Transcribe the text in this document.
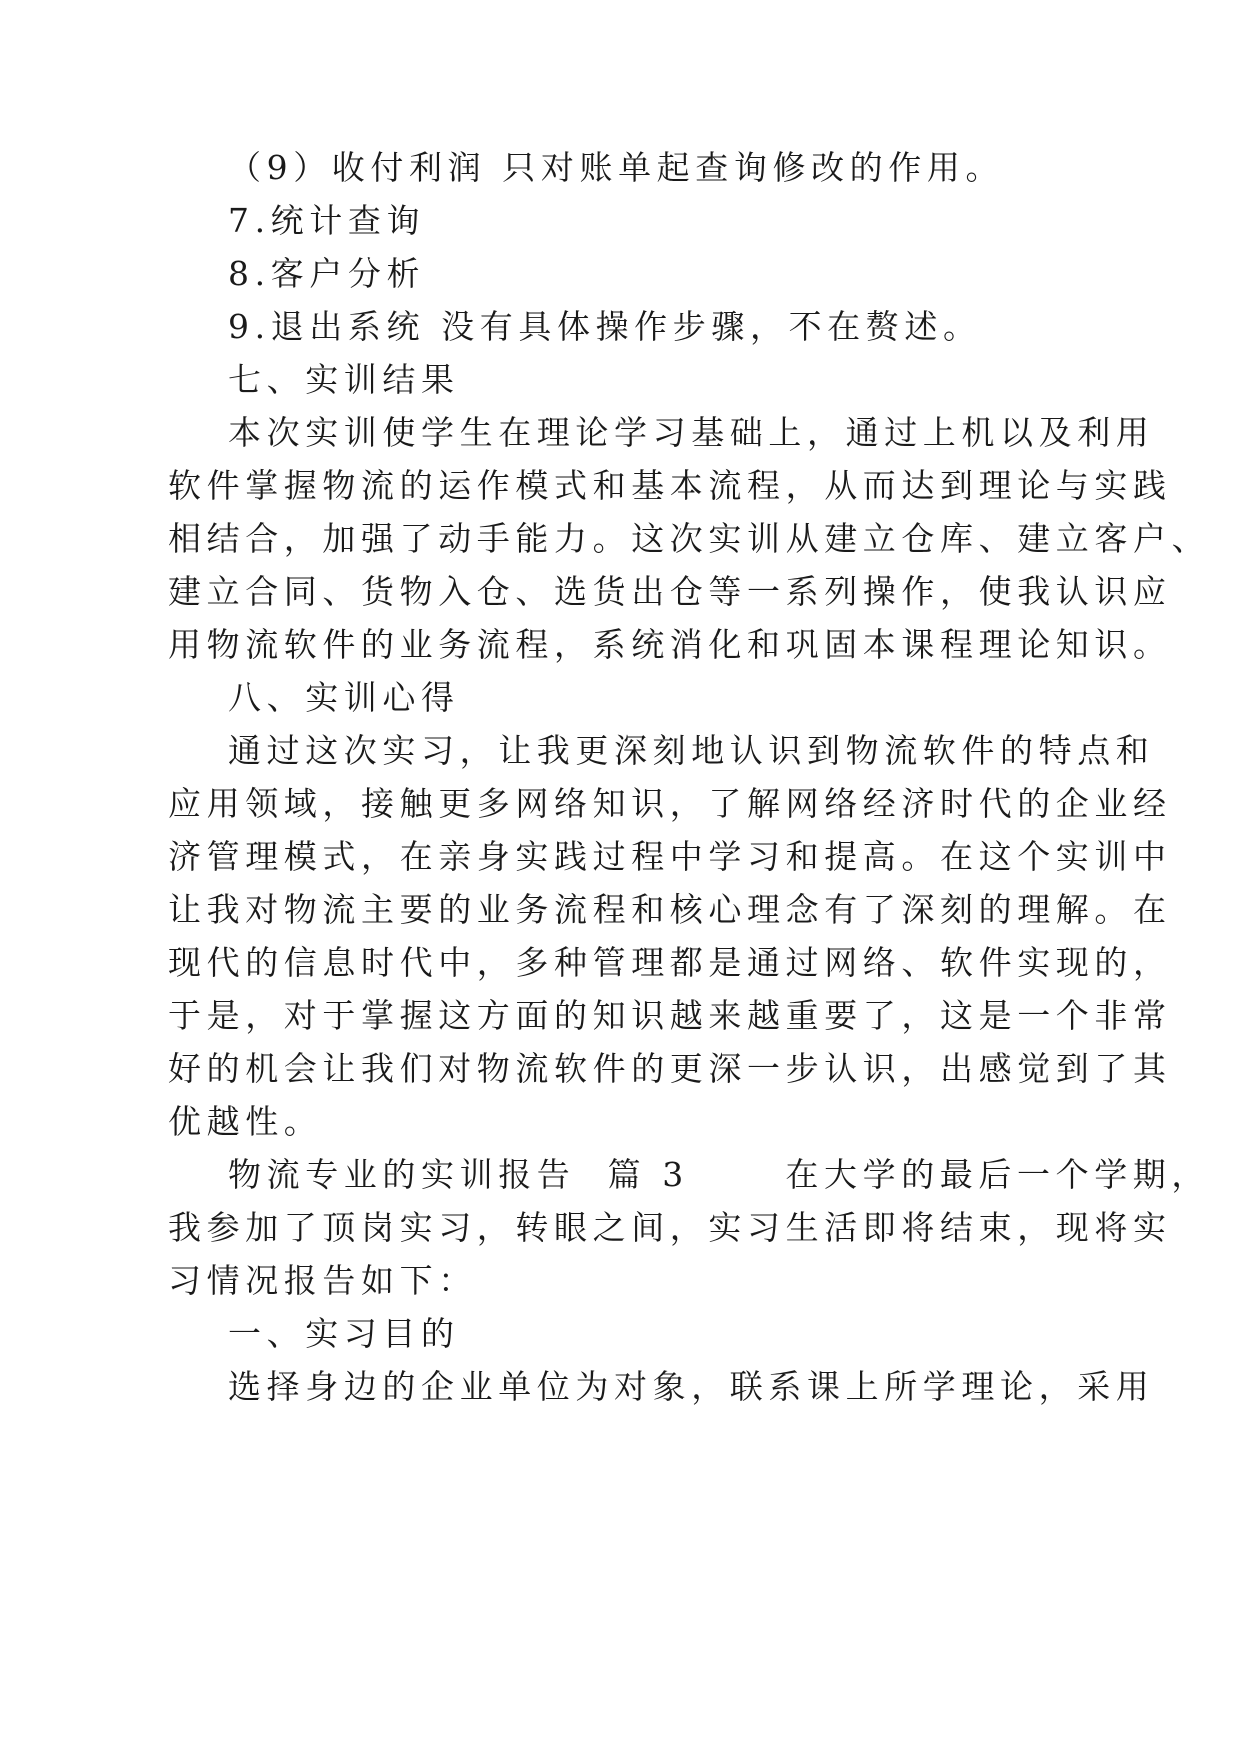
（9）收付利润 只对账单起查询修改的作用。
7.统计查询
8.客户分析
9.退出系统 没有具体操作步骤，不在赘述。
七、实训结果
本次实训使学生在理论学习基础上，通过上机以及利用
软件掌握物流的运作模式和基本流程，从而达到理论与实践
相结合，加强了动手能力。这次实训从建立仓库、建立客户、
建立合同、货物入仓、选货出仓等一系列操作，使我认识应
用物流软件的业务流程，系统消化和巩固本课程理论知识。
八、实训心得
通过这次实习，让我更深刻地认识到物流软件的特点和
应用领域，接触更多网络知识，了解网络经济时代的企业经
济管理模式，在亲身实践过程中学习和提高。在这个实训中
让我对物流主要的业务流程和核心理念有了深刻的理解。在
现代的信息时代中，多种管理都是通过网络、软件实现的，
于是，对于掌握这方面的知识越来越重要了，这是一个非常
好的机会让我们对物流软件的更深一步认识，出感觉到了其
优越性。
物流专业的实训报告  篇 3      在大学的最后一个学期，
我参加了顶岗实习，转眼之间，实习生活即将结束，现将实
习情况报告如下：
一、实习目的
选择身边的企业单位为对象，联系课上所学理论，采用
